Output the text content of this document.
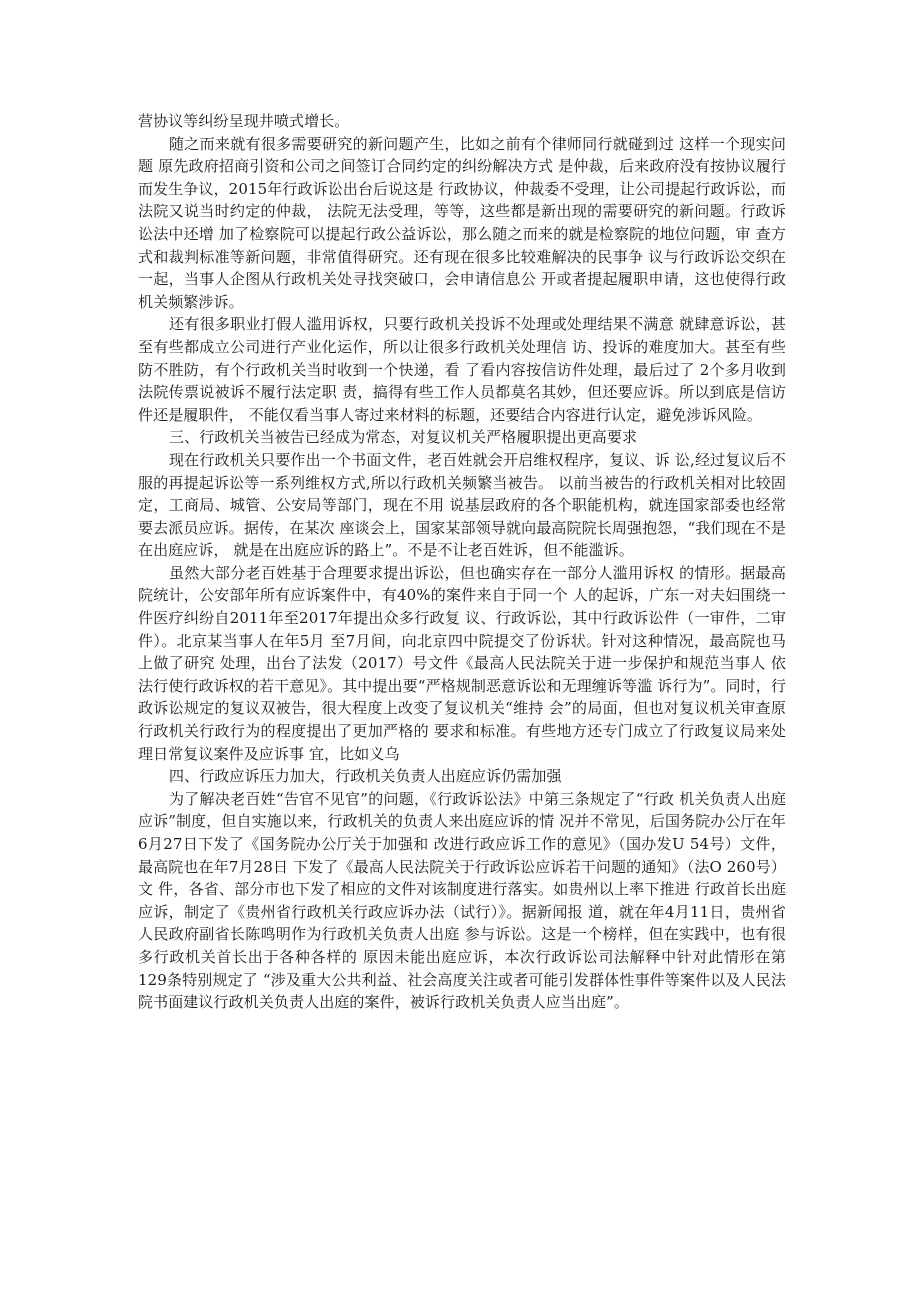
营协议等纠纷呈现井喷式增长。

随之而来就有很多需要研究的新问题产生，比如之前有个律师同行就碰到过 这样一个现实问题 原先政府招商引资和公司之间签订合同约定的纠纷解决方式 是仲裁，后来政府没有按协议履行而发生争议，2015年行政诉讼出台后说这是 行政协议，仲裁委不受理，让公司提起行政诉讼，而法院又说当时约定的仲裁， 法院无法受理，等等，这些都是新出现的需要研究的新问题。行政诉讼法中还增 加了检察院可以提起行政公益诉讼，那么随之而来的就是检察院的地位问题，审 查方式和裁判标准等新问题，非常值得研究。还有现在很多比较难解决的民事争 议与行政诉讼交织在一起，当事人企图从行政机关处寻找突破口，会申请信息公 开或者提起履职申请，这也使得行政机关频繁涉诉。

还有很多职业打假人滥用诉权，只要行政机关投诉不处理或处理结果不满意 就肆意诉讼，甚至有些都成立公司进行产业化运作，所以让很多行政机关处理信 访、投诉的难度加大。甚至有些防不胜防，有个行政机关当时收到一个快递，看 了看内容按信访件处理，最后过了 2个多月收到法院传票说被诉不履行法定职 责，搞得有些工作人员都莫名其妙，但还要应诉。所以到底是信访件还是履职件， 不能仅看当事人寄过来材料的标题，还要结合内容进行认定，避免涉诉风险。

三、行政机关当被告已经成为常态，对复议机关严格履职提出更高要求

现在行政机关只要作出一个书面文件，老百姓就会开启维权程序，复议、诉 讼,经过复议后不服的再提起诉讼等一系列维权方式,所以行政机关频繁当被告。 以前当被告的行政机关相对比较固定，工商局、城管、公安局等部门，现在不用 说基层政府的各个职能机构，就连国家部委也经常要去派员应诉。据传，在某次 座谈会上，国家某部领导就向最高院院长周强抱怨，“我们现在不是在出庭应诉， 就是在出庭应诉的路上”。不是不让老百姓诉，但不能滥诉。

虽然大部分老百姓基于合理要求提出诉讼，但也确实存在一部分人滥用诉权 的情形。据最高院统计，公安部年所有应诉案件中，有40%的案件来自于同一个 人的起诉，广东一对夫妇围绕一件医疗纠纷自2011年至2017年提出众多行政复 议、行政诉讼，其中行政诉讼件（一审件，二审件）。北京某当事人在年5月 至7月间，向北京四中院提交了份诉状。针对这种情况，最高院也马上做了研究 处理，出台了法发（2017）号文件《最高人民法院关于进一步保护和规范当事人 依法行使行政诉权的若干意见》。其中提出要“严格规制恶意诉讼和无理缠诉等滥 诉行为”。同时，行政诉讼规定的复议双被告，很大程度上改变了复议机关“维持 会”的局面，但也对复议机关审查原行政机关行政行为的程度提出了更加严格的 要求和标准。有些地方还专门成立了行政复议局来处理日常复议案件及应诉事 宜，比如义乌

四、行政应诉压力加大，行政机关负责人出庭应诉仍需加强

为了解决老百姓“告官不见官”的问题，《行政诉讼法》中第三条规定了“行政 机关负责人出庭应诉”制度，但自实施以来，行政机关的负责人来出庭应诉的情 况并不常见，后国务院办公厅在年6月27日下发了《国务院办公厅关于加强和 改进行政应诉工作的意见》（国办发U 54号）文件，最高院也在年7月28日 下发了《最高人民法院关于行政诉讼应诉若干问题的通知》（法O 260号）文 件，各省、部分市也下发了相应的文件对该制度进行落实。如贵州以上率下推进 行政首长出庭应诉，制定了《贵州省行政机关行政应诉办法（试行）》。据新闻报 道，就在年4月11日，贵州省人民政府副省长陈鸣明作为行政机关负责人出庭 参与诉讼。这是一个榜样，但在实践中，也有很多行政机关首长出于各种各样的 原因未能出庭应诉，本次行政诉讼司法解释中针对此情形在第129条特别规定了 “涉及重大公共利益、社会高度关注或者可能引发群体性事件等案件以及人民法 院书面建议行政机关负责人出庭的案件，被诉行政机关负责人应当出庭”。
